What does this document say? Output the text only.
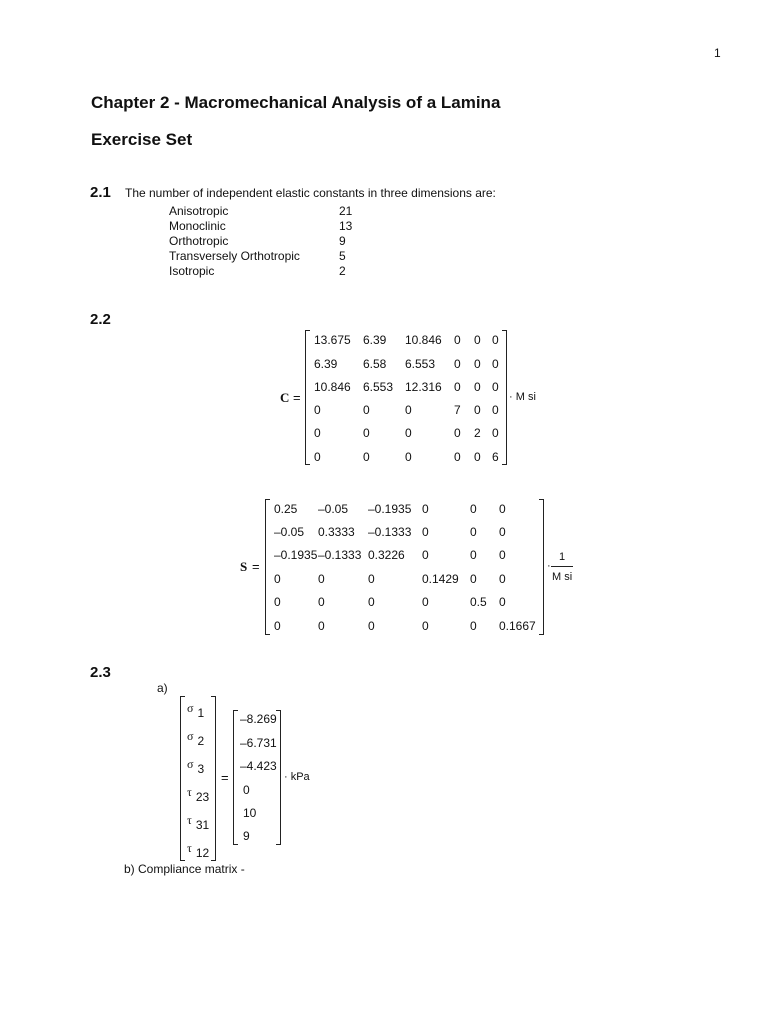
1
Chapter 2 - Macromechanical Analysis of a Lamina
Exercise Set
2.1 The number of independent elastic constants in three dimensions are:
Anisotropic	21
Monoclinic	13
Orthotropic	9
Transversely Orthotropic	5
Isotropic	2
2.2
C =
13.675 6.39 10.846 0 0 0
6.39 6.58 6.553 0 0 0
10.846 6.553 12.316 0 0 0
0	0	0	7 0 0
0	0	0	0 2 0
0	0	0	0 0 6
· M si
S =
0.25 –0.05 –0.1935 0	0 0
–0.05 0.3333 –0.1333 0	0 0
–0.1935 –0.1333 0.3226 0	0 0
0	0	0	0.1429 0 0
0	0	0	0	0.5 0
0	0	0	0	0 0.1667
·
1
M si
2.3
a)
σ 1
σ 2
σ 3
τ 23
τ 31
τ 12
=
–8.269
–6.731
–4.423
0
10
9
· kPa
b) Compliance matrix -
